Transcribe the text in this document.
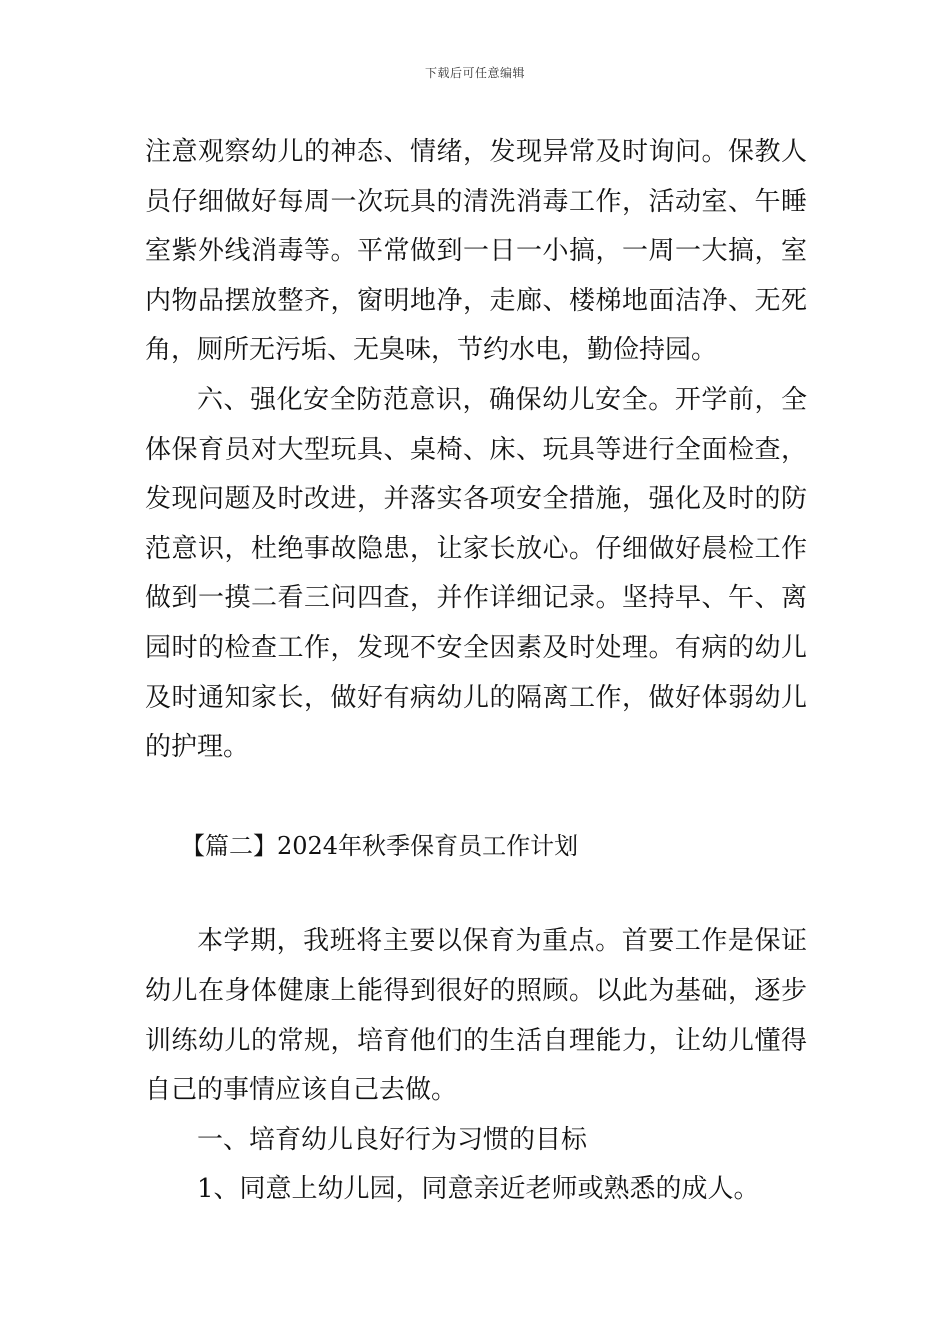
下载后可任意编辑

注意观察幼儿的神态、情绪，发现异常及时询问。保教人员仔细做好每周一次玩具的清洗消毒工作，活动室、午睡室紫外线消毒等。平常做到一日一小搞，一周一大搞，室内物品摆放整齐，窗明地净，走廊、楼梯地面洁净、无死角，厕所无污垢、无臭味，节约水电，勤俭持园。

六、强化安全防范意识，确保幼儿安全。开学前，全体保育员对大型玩具、桌椅、床、玩具等进行全面检查，发现问题及时改进，并落实各项安全措施，强化及时的防范意识，杜绝事故隐患，让家长放心。仔细做好晨检工作做到一摸二看三问四查，并作详细记录。坚持早、午、离园时的检查工作，发现不安全因素及时处理。有病的幼儿及时通知家长，做好有病幼儿的隔离工作，做好体弱幼儿的护理。

【篇二】2024年秋季保育员工作计划

本学期，我班将主要以保育为重点。首要工作是保证幼儿在身体健康上能得到很好的照顾。以此为基础，逐步训练幼儿的常规，培育他们的生活自理能力，让幼儿懂得自己的事情应该自己去做。

一、培育幼儿良好行为习惯的目标

1、同意上幼儿园，同意亲近老师或熟悉的成人。
